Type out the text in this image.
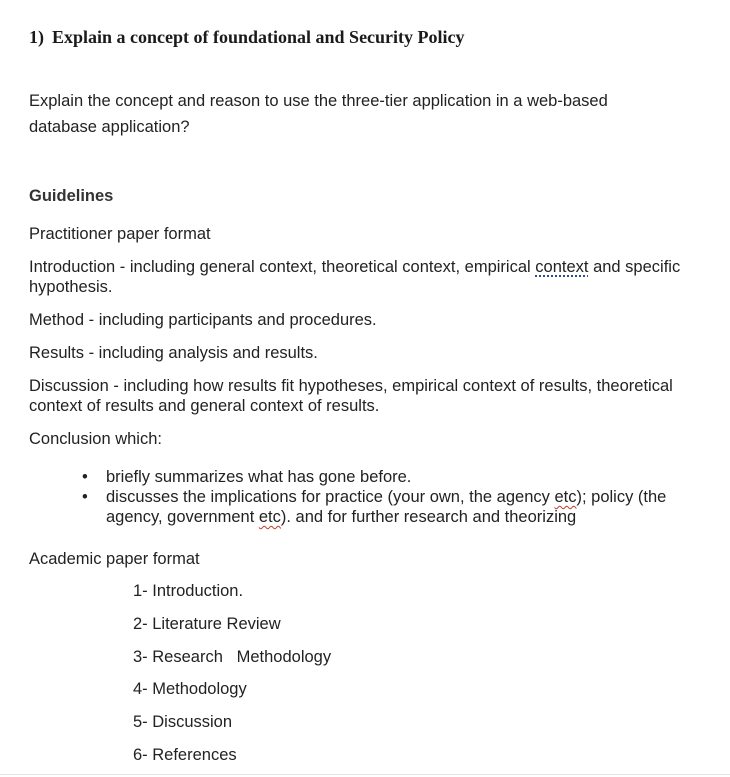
1) Explain a concept of foundational and Security Policy
Explain the concept and reason to use the three-tier application in a web-based database application?
Guidelines
Practitioner paper format
Introduction - including general context, theoretical context, empirical context and specific hypothesis.
Method - including participants and procedures.
Results - including analysis and results.
Discussion - including how results fit hypotheses, empirical context of results, theoretical context of results and general context of results.
Conclusion which:
• briefly summarizes what has gone before.
• discusses the implications for practice (your own, the agency etc); policy (the agency, government etc). and for further research and theorizing
Academic paper format
1- Introduction.
2- Literature Review
3- Research   Methodology
4- Methodology
5- Discussion
6- References
